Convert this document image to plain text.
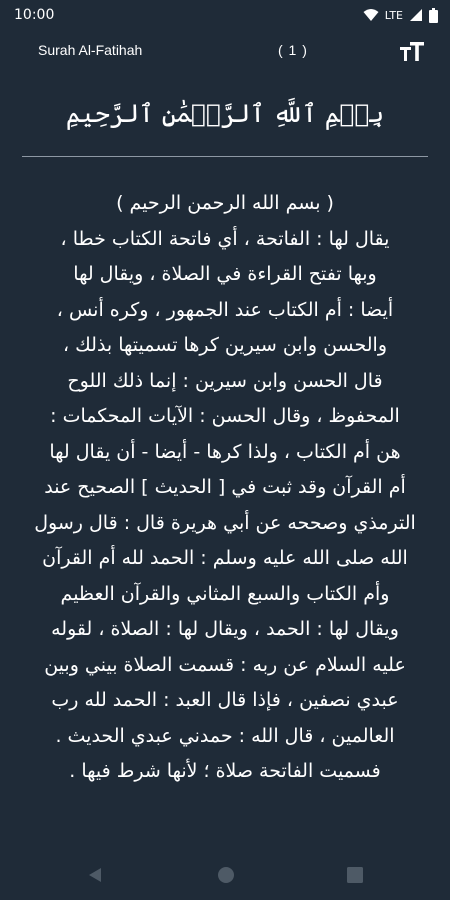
10:00	LTE
Surah Al-Fatihah	( 1 )
بِسۡمِ ٱللَّهِ ٱلرَّحۡمَٰنِ ٱلرَّحِيمِ
( بسم الله الرحمن الرحيم )
يقال لها : الفاتحة ، أي فاتحة الكتاب خطا ،
وبها تفتح القراءة في الصلاة ، ويقال لها
أيضا : أم الكتاب عند الجمهور ، وكره أنس ،
والحسن وابن سيرين كرها تسميتها بذلك ،
قال الحسن وابن سيرين : إنما ذلك اللوح
المحفوظ ، وقال الحسن : الآيات المحكمات :
هن أم الكتاب ، ولذا كرها - أيضا - أن يقال لها
أم القرآن وقد ثبت في [ الحديث ] الصحيح عند
الترمذي وصححه عن أبي هريرة قال : قال رسول
الله صلى الله عليه وسلم : الحمد لله أم القرآن
وأم الكتاب والسبع المثاني والقرآن العظيم
ويقال لها : الحمد ، ويقال لها : الصلاة ، لقوله
عليه السلام عن ربه : قسمت الصلاة بيني وبين
عبدي نصفين ، فإذا قال العبد : الحمد لله رب
العالمين ، قال الله : حمدني عبدي الحديث .
فسميت الفاتحة صلاة ؛ لأنها شرط فيها .
